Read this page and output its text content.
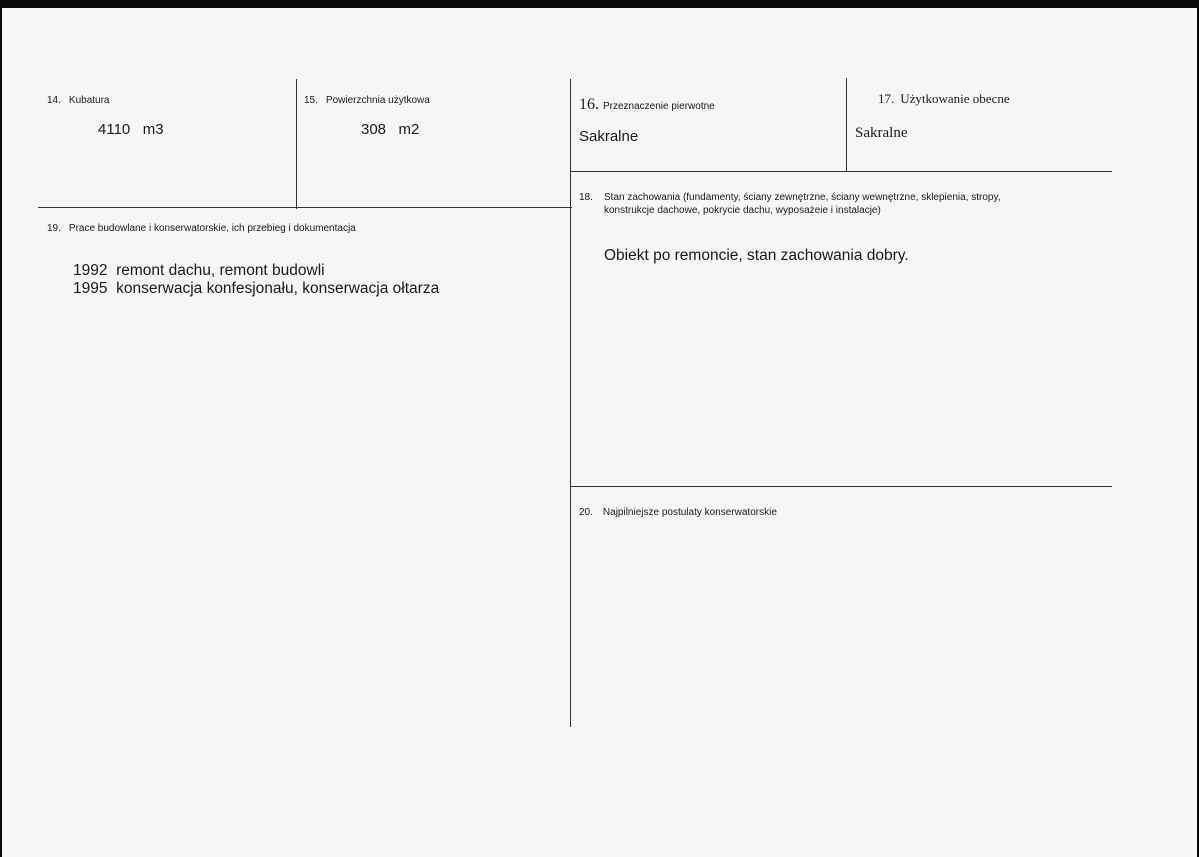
14. Kubatura
4110 m3
15. Powierzchnia użytkowa
308 m2
16. Przeznaczenie pierwotne
Sakralne
17. Użytkowanie obecne
Sakralne
18. Stan zachowania (fundamenty, ściany zewnętrzne, ściany wewnętrzne, sklepienia, stropy,
konstrukcje dachowe, pokrycie dachu, wyposażeie i instalacje)
Obiekt po remoncie, stan zachowania dobry.
19. Prace budowlane i konserwatorskie, ich przebieg i dokumentacja
1992 remont dachu, remont budowli
1995 konserwacja konfesjonału, konserwacja ołtarza
20. Najpilniejsze postulaty konserwatorskie
